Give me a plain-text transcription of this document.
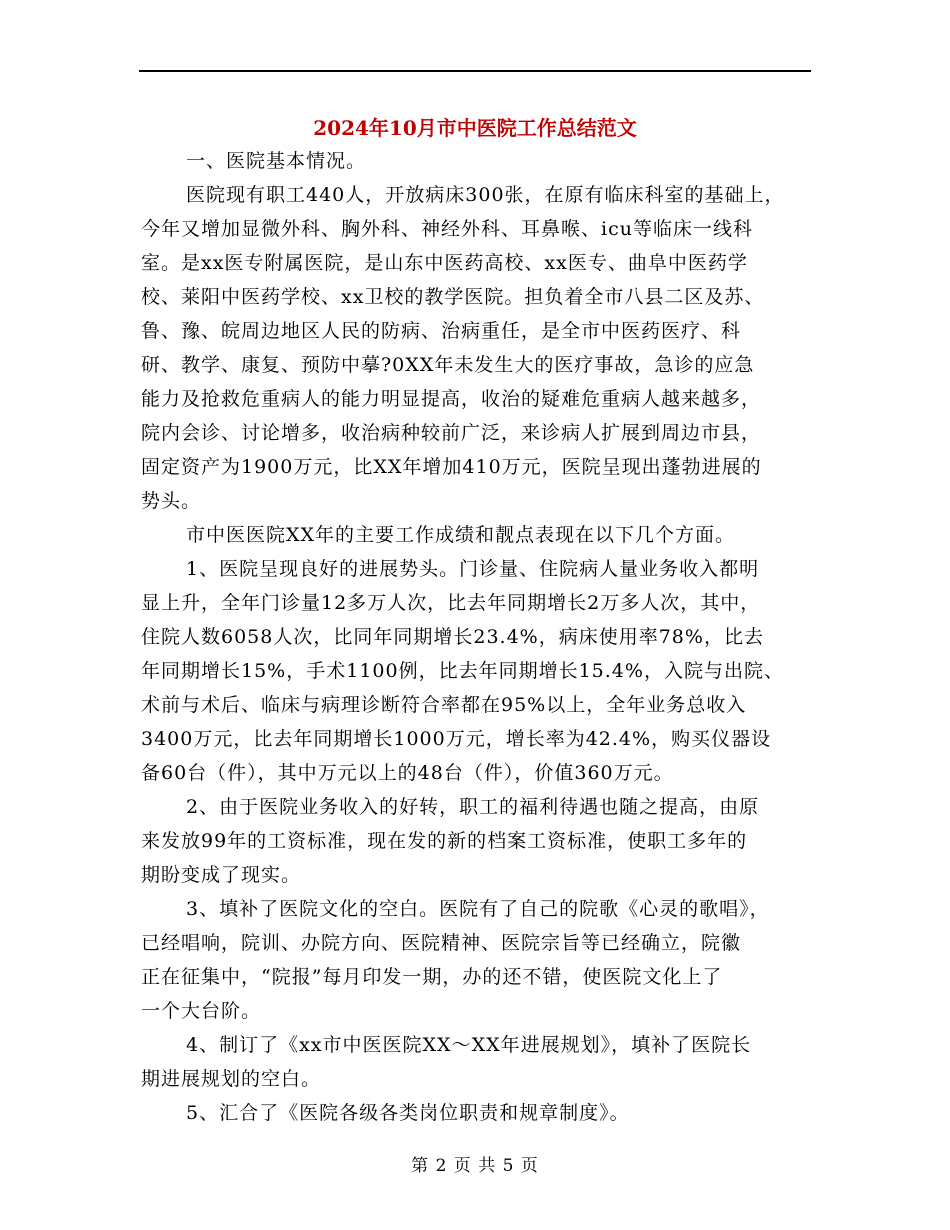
2024年10月市中医院工作总结范文
一、医院基本情况。
医院现有职工440人，开放病床300张，在原有临床科室的基础上，
今年又增加显微外科、胸外科、神经外科、耳鼻喉、icu等临床一线科
室。是xx医专附属医院，是山东中医药高校、xx医专、曲阜中医药学
校、莱阳中医药学校、xx卫校的教学医院。担负着全市八县二区及苏、
鲁、豫、皖周边地区人民的防病、治病重任，是全市中医药医疗、科
研、教学、康复、预防中摹?0XX年未发生大的医疗事故，急诊的应急
能力及抢救危重病人的能力明显提高，收治的疑难危重病人越来越多，
院内会诊、讨论增多，收治病种较前广泛，来诊病人扩展到周边市县，
固定资产为1900万元，比XX年增加410万元，医院呈现出蓬勃进展的
势头。
市中医医院XX年的主要工作成绩和靓点表现在以下几个方面。
1、医院呈现良好的进展势头。门诊量、住院病人量业务收入都明
显上升，全年门诊量12多万人次，比去年同期增长2万多人次，其中，
住院人数6058人次，比同年同期增长23.4%，病床使用率78%，比去
年同期增长15%，手术1100例，比去年同期增长15.4%，入院与出院、
术前与术后、临床与病理诊断符合率都在95%以上，全年业务总收入
3400万元，比去年同期增长1000万元，增长率为42.4%，购买仪器设
备60台（件），其中万元以上的48台（件），价值360万元。
2、由于医院业务收入的好转，职工的福利待遇也随之提高，由原
来发放99年的工资标准，现在发的新的档案工资标准，使职工多年的
期盼变成了现实。
3、填补了医院文化的空白。医院有了自己的院歌《心灵的歌唱》，
已经唱响，院训、办院方向、医院精神、医院宗旨等已经确立，院徽
正在征集中，“院报”每月印发一期，办的还不错，使医院文化上了
一个大台阶。
4、制订了《xx市中医医院XX～XX年进展规划》，填补了医院长
期进展规划的空白。
5、汇合了《医院各级各类岗位职责和规章制度》。
第 2 页 共 5 页
